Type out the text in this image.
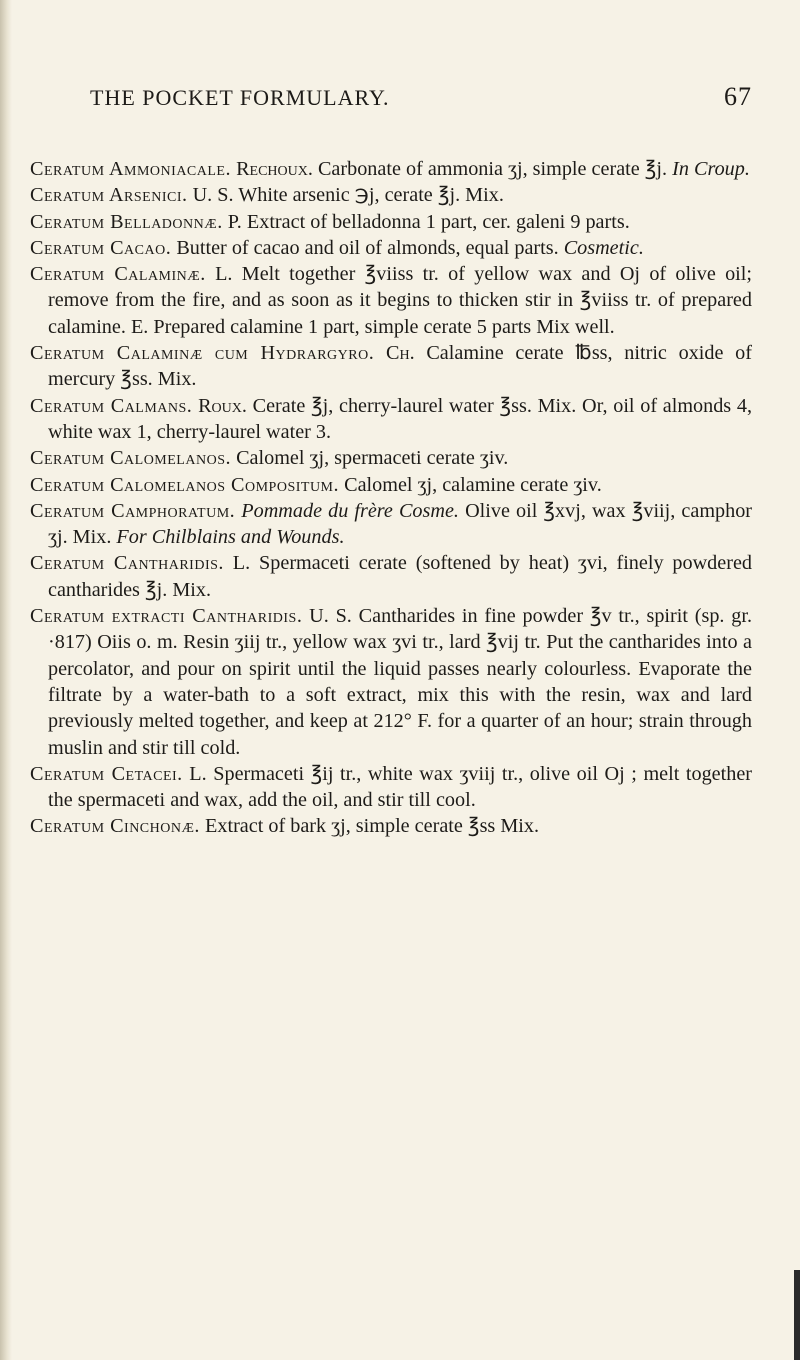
THE POCKET FORMULARY.	67

Ceratum Ammoniacale. Rechoux. Carbonate of ammonia ʒj, simple cerate ℥j. In Croup.

Ceratum Arsenici. U. S. White arsenic ℈j, cerate ℥j. Mix.

Ceratum Belladonnæ. P. Extract of belladonna 1 part, cer. galeni 9 parts.

Ceratum Cacao. Butter of cacao and oil of almonds, equal parts. Cosmetic.

Ceratum Calaminæ. L. Melt together ℥viiss tr. of yellow wax and Oj of olive oil; remove from the fire, and as soon as it begins to thicken stir in ℥viiss tr. of prepared calamine. E. Prepared calamine 1 part, simple cerate 5 parts Mix well.

Ceratum Calaminæ cum Hydrargyro. Ch. Calamine cerate ℔ss, nitric oxide of mercury ℥ss. Mix.

Ceratum Calmans. Roux. Cerate ℥j, cherry-laurel water ℥ss. Mix. Or, oil of almonds 4, white wax 1, cherry-laurel water 3.

Ceratum Calomelanos. Calomel ʒj, spermaceti cerate ʒiv.

Ceratum Calomelanos Compositum. Calomel ʒj, calamine cerate ʒiv.

Ceratum Camphoratum. Pommade du frère Cosme. Olive oil ℥xvj, wax ℥viij, camphor ʒj. Mix. For Chilblains and Wounds.

Ceratum Cantharidis. L. Spermaceti cerate (softened by heat) ʒvi, finely powdered cantharides ℥j. Mix.

Ceratum extracti Cantharidis. U. S. Cantharides in fine powder ℥v tr., spirit (sp. gr. ·817) Oiis o. m. Resin ʒiij tr., yellow wax ʒvi tr., lard ℥vij tr. Put the cantharides into a percolator, and pour on spirit until the liquid passes nearly colourless. Evaporate the filtrate by a water-bath to a soft extract, mix this with the resin, wax and lard previously melted together, and keep at 212° F. for a quarter of an hour; strain through muslin and stir till cold.

Ceratum Cetacei. L. Spermaceti ℥ij tr., white wax ʒviij tr., olive oil Oj ; melt together the spermaceti and wax, add the oil, and stir till cool.

Ceratum Cinchonæ. Extract of bark ʒj, simple cerate ℥ss Mix.
